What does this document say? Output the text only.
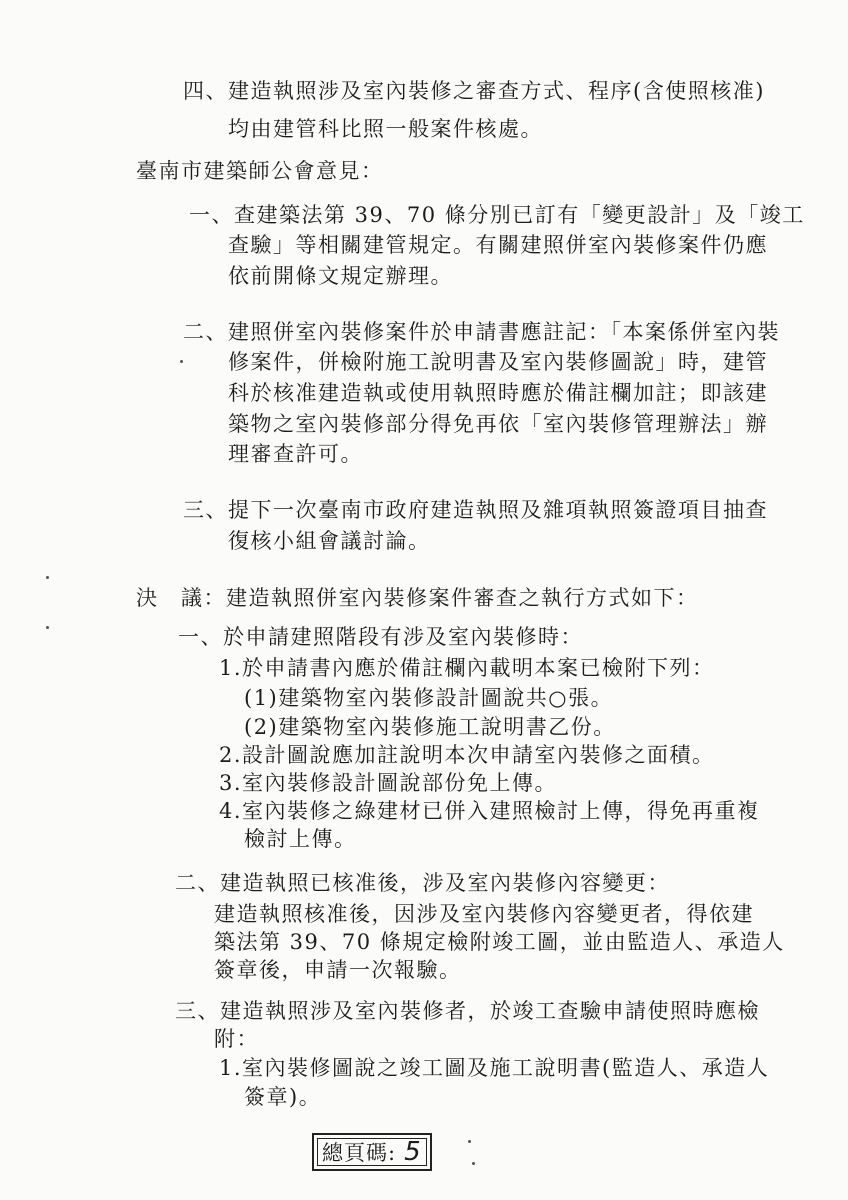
四、建造執照涉及室內裝修之審查方式、程序(含使照核准)
均由建管科比照一般案件核處。
臺南市建築師公會意見：
一、查建築法第 39、70 條分別已訂有「變更設計」及「竣工
查驗」等相關建管規定。有關建照併室內裝修案件仍應
依前開條文規定辦理。
二、建照併室內裝修案件於申請書應註記：「本案係併室內裝
修案件，併檢附施工說明書及室內裝修圖說」時，建管
科於核准建造執或使用執照時應於備註欄加註；即該建
築物之室內裝修部分得免再依「室內裝修管理辦法」辦
理審查許可。
三、提下一次臺南市政府建造執照及雜項執照簽證項目抽查
復核小組會議討論。
決　議：建造執照併室內裝修案件審查之執行方式如下：
一、於申請建照階段有涉及室內裝修時：
1.於申請書內應於備註欄內載明本案已檢附下列：
(1)建築物室內裝修設計圖說共○張。
(2)建築物室內裝修施工說明書乙份。
2.設計圖說應加註說明本次申請室內裝修之面積。
3.室內裝修設計圖說部份免上傳。
4.室內裝修之綠建材已併入建照檢討上傳，得免再重複
檢討上傳。
二、建造執照已核准後，涉及室內裝修內容變更：
建造執照核准後，因涉及室內裝修內容變更者，得依建
築法第 39、70 條規定檢附竣工圖，並由監造人、承造人
簽章後，申請一次報驗。
三、建造執照涉及室內裝修者，於竣工查驗申請使照時應檢
附：
1.室內裝修圖說之竣工圖及施工說明書(監造人、承造人
簽章)。
總頁碼: 5
